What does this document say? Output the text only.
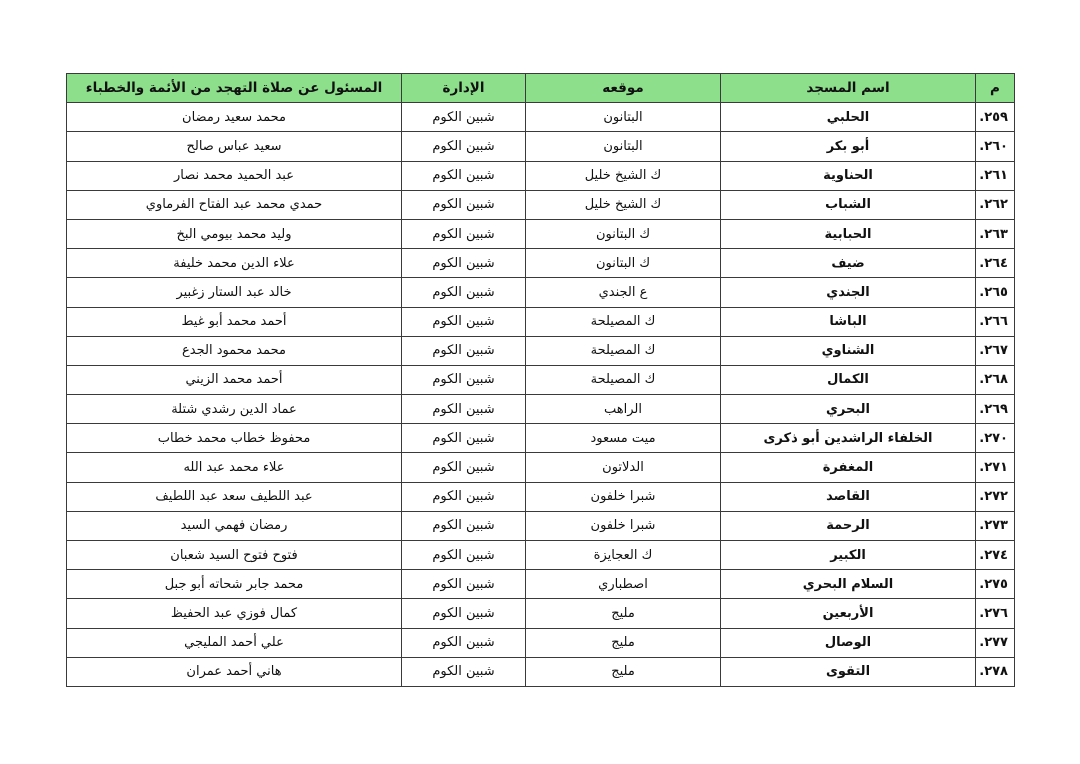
م	اسم المسجد	موقعه	الإدارة	المسئول عن صلاة التهجد من الأئمة والخطباء
٢٥٩.	الحلبي	البتانون	شبين الكوم	محمد سعيد رمضان
٢٦٠.	أبو بكر	البتانون	شبين الكوم	سعيد عباس صالح
٢٦١.	الحناوية	ك الشيخ خليل	شبين الكوم	عبد الحميد محمد نصار
٢٦٢.	الشباب	ك الشيخ خليل	شبين الكوم	حمدي محمد عبد الفتاح الفرماوي
٢٦٣.	الحبابية	ك البتانون	شبين الكوم	وليد محمد بيومي البخ
٢٦٤.	ضيف	ك البتانون	شبين الكوم	علاء الدين محمد خليفة
٢٦٥.	الجندي	ع الجندي	شبين الكوم	خالد عبد الستار زغبير
٢٦٦.	الباشا	ك المصيلحة	شبين الكوم	أحمد محمد أبو غيط
٢٦٧.	الشناوي	ك المصيلحة	شبين الكوم	محمد محمود الجدع
٢٦٨.	الكمال	ك المصيلحة	شبين الكوم	أحمد محمد الزيني
٢٦٩.	البحري	الراهب	شبين الكوم	عماد الدين رشدي شتلة
٢٧٠.	الخلفاء الراشدين أبو ذكرى	ميت مسعود	شبين الكوم	محفوظ خطاب محمد خطاب
٢٧١.	المغفرة	الدلاتون	شبين الكوم	علاء محمد عبد الله
٢٧٢.	القاصد	شبرا خلفون	شبين الكوم	عبد اللطيف سعد عبد اللطيف
٢٧٣.	الرحمة	شبرا خلفون	شبين الكوم	رمضان فهمي السيد
٢٧٤.	الكبير	ك العجايزة	شبين الكوم	فتوح فتوح السيد شعبان
٢٧٥.	السلام البحري	اصطباري	شبين الكوم	محمد جابر شحاته أبو جبل
٢٧٦.	الأربعين	مليج	شبين الكوم	كمال فوزي عبد الحفيظ
٢٧٧.	الوصال	مليج	شبين الكوم	علي أحمد المليجي
٢٧٨.	التقوى	مليج	شبين الكوم	هاني أحمد عمران
